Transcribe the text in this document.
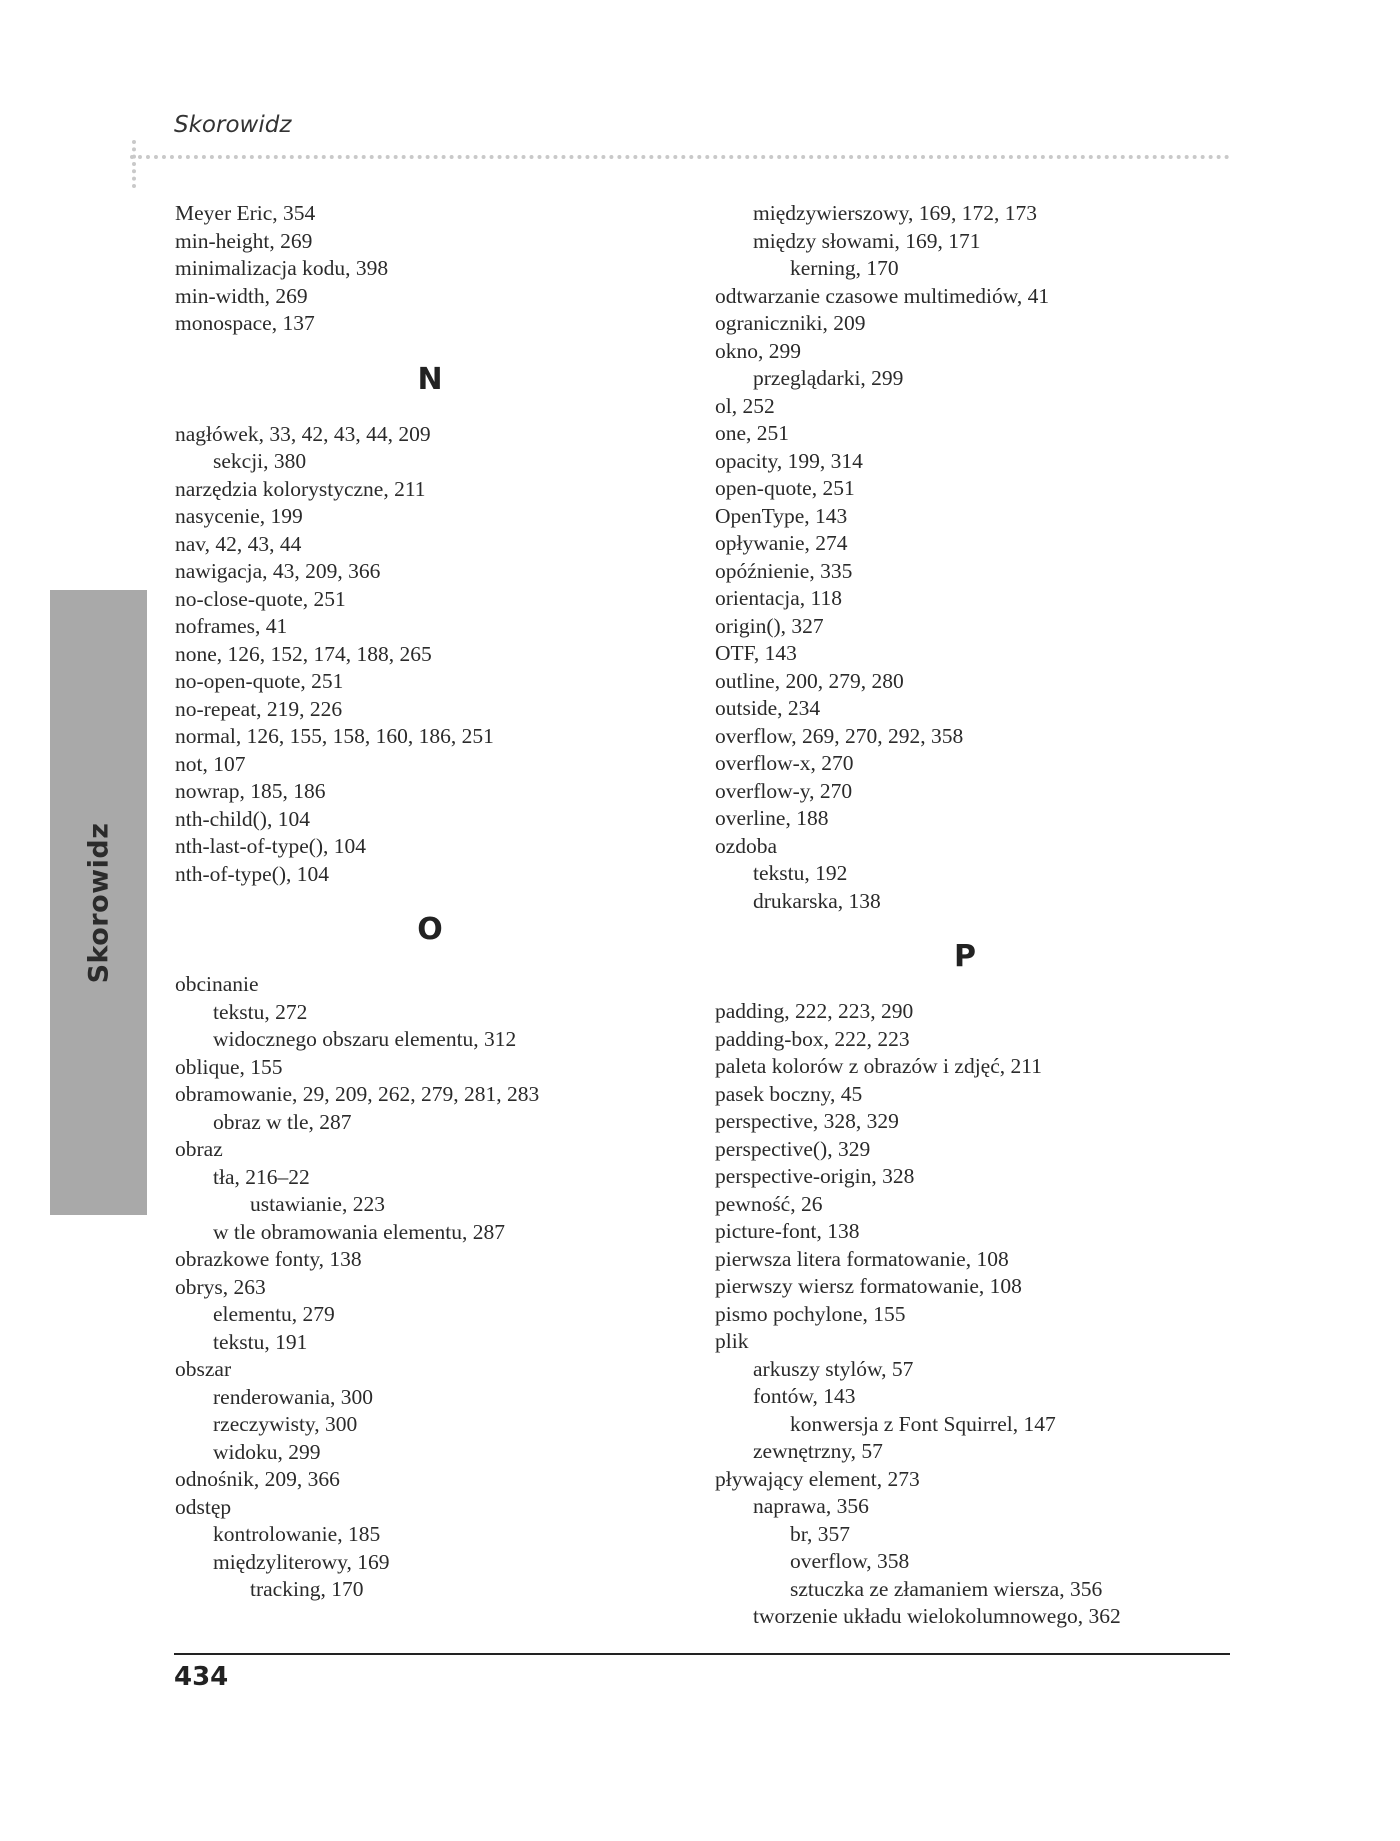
Skorowidz
Skorowidz
Meyer Eric, 354
min-height, 269
minimalizacja kodu, 398
min-width, 269
monospace, 137
N
nagłówek, 33, 42, 43, 44, 209
sekcji, 380
narzędzia kolorystyczne, 211
nasycenie, 199
nav, 42, 43, 44
nawigacja, 43, 209, 366
no-close-quote, 251
noframes, 41
none, 126, 152, 174, 188, 265
no-open-quote, 251
no-repeat, 219, 226
normal, 126, 155, 158, 160, 186, 251
not, 107
nowrap, 185, 186
nth-child(), 104
nth-last-of-type(), 104
nth-of-type(), 104
O
obcinanie
tekstu, 272
widocznego obszaru elementu, 312
oblique, 155
obramowanie, 29, 209, 262, 279, 281, 283
obraz w tle, 287
obraz
tła, 216–22
ustawianie, 223
w tle obramowania elementu, 287
obrazkowe fonty, 138
obrys, 263
elementu, 279
tekstu, 191
obszar
renderowania, 300
rzeczywisty, 300
widoku, 299
odnośnik, 209, 366
odstęp
kontrolowanie, 185
międzyliterowy, 169
tracking, 170
międzywierszowy, 169, 172, 173
między słowami, 169, 171
kerning, 170
odtwarzanie czasowe multimediów, 41
ograniczniki, 209
okno, 299
przeglądarki, 299
ol, 252
one, 251
opacity, 199, 314
open-quote, 251
OpenType, 143
opływanie, 274
opóźnienie, 335
orientacja, 118
origin(), 327
OTF, 143
outline, 200, 279, 280
outside, 234
overflow, 269, 270, 292, 358
overflow-x, 270
overflow-y, 270
overline, 188
ozdoba
tekstu, 192
drukarska, 138
P
padding, 222, 223, 290
padding-box, 222, 223
paleta kolorów z obrazów i zdjęć, 211
pasek boczny, 45
perspective, 328, 329
perspective(), 329
perspective-origin, 328
pewność, 26
picture-font, 138
pierwsza litera formatowanie, 108
pierwszy wiersz formatowanie, 108
pismo pochylone, 155
plik
arkuszy stylów, 57
fontów, 143
konwersja z Font Squirrel, 147
zewnętrzny, 57
pływający element, 273
naprawa, 356
br, 357
overflow, 358
sztuczka ze złamaniem wiersza, 356
tworzenie układu wielokolumnowego, 362
434
